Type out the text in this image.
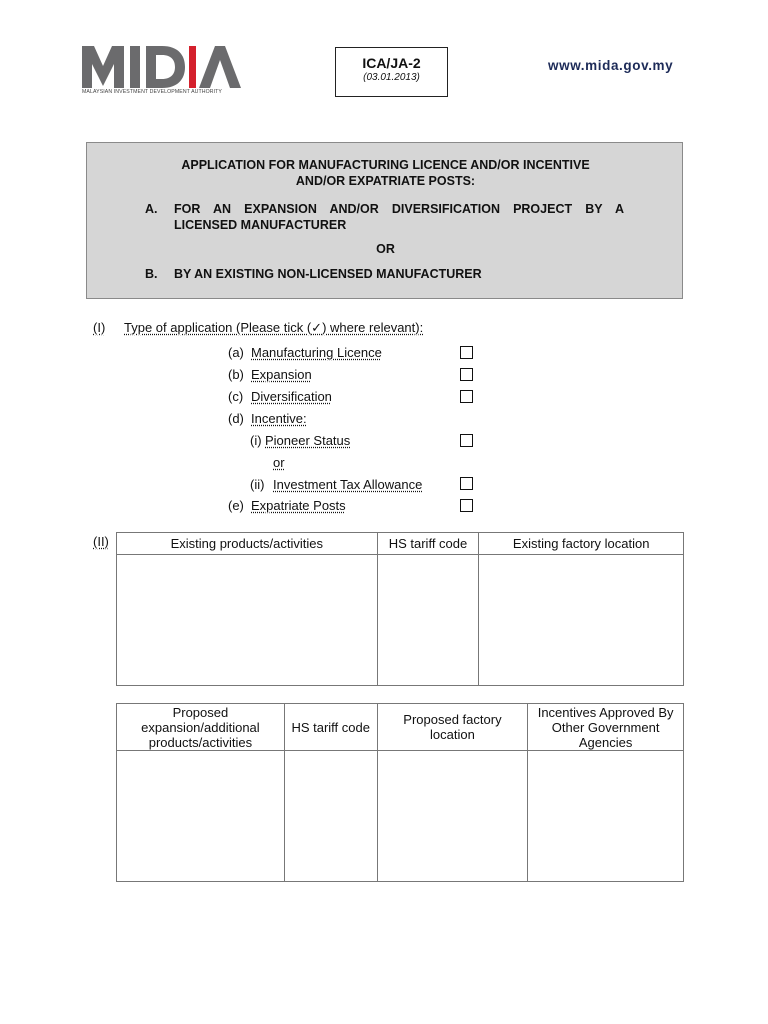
MALAYSIAN INVESTMENT DEVELOPMENT AUTHORITY
ICA/JA-2
(03.01.2013)
www.mida.gov.my
APPLICATION FOR MANUFACTURING LICENCE AND/OR INCENTIVE
AND/OR EXPATRIATE POSTS:
A. FOR AN EXPANSION AND/OR DIVERSIFICATION PROJECT BY A
LICENSED MANUFACTURER
OR
B. BY AN EXISTING NON-LICENSED MANUFACTURER
(I) Type of application (Please tick (✓) where relevant):
(a) Manufacturing Licence
(b) Expansion
(c) Diversification
(d) Incentive:
(i) Pioneer Status
or
(ii) Investment Tax Allowance
(e) Expatriate Posts
(II)	Existing products/activities	HS tariff code	Existing factory location

Proposed expansion/additional products/activities	HS tariff code	Proposed factory location	Incentives Approved By Other Government Agencies
